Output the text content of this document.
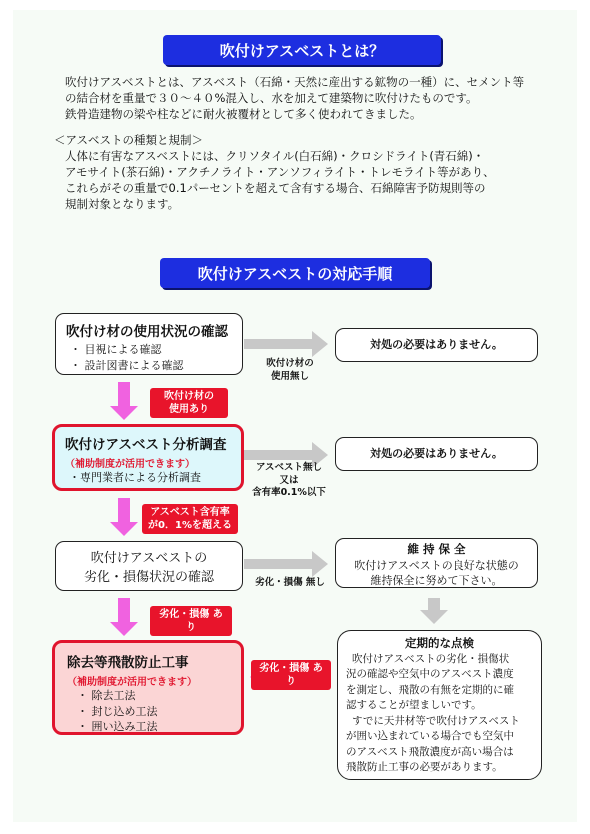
吹付けアスベストとは？
吹付けアスベストとは、アスベスト（石綿・天然に産出する鉱物の一種）に、セメント等
の結合材を重量で３０～４０%混入し、水を加えて建築物に吹付けたものです。
鉄骨造建物の梁や柱などに耐火被覆材として多く使われてきました。
＜アスベストの種類と規制＞
人体に有害なアスベストには、クリソタイル(白石綿)・クロシドライト(青石綿)・
アモサイト(茶石綿)・アクチノライト・アンソフィライト・トレモライト等があり、
これらがその重量で0.1パーセントを超えて含有する場合、石綿障害予防規則等の
規制対象となります。
吹付けアスベストの対応手順
吹付け材の使用状況の確認
・ 目視による確認
・ 設計図書による確認	吹付け材の
使用無し
対処の必要はありません。
吹付け材の
使用あり
吹付けアスベスト分析調査
（補助制度が活用できます）
・専門業者による分析調査
アスベスト無し
又は
含有率0.1%以下
対処の必要はありません。
アスベスト含有率
が0．1%を超える
吹付けアスベストの
劣化・損傷状況の確認	劣化・損傷 無し
維 持 保 全
吹付けアスベストの良好な状態の
維持保全に努めて下さい。
劣化・損傷 あり
除去等飛散防止工事
（補助制度が活用できます）
・ 除去工法
・ 封じ込め工法
・ 囲い込み工法
劣化・損傷 あり
定期的な点検
吹付けアスベストの劣化・損傷状
況の確認や空気中のアスベスト濃度
を測定し、飛散の有無を定期的に確
認することが望ましいです。
すでに天井材等で吹付けアスベスト
が囲い込まれている場合でも空気中
のアスベスト飛散濃度が高い場合は
飛散防止工事の必要があります。
